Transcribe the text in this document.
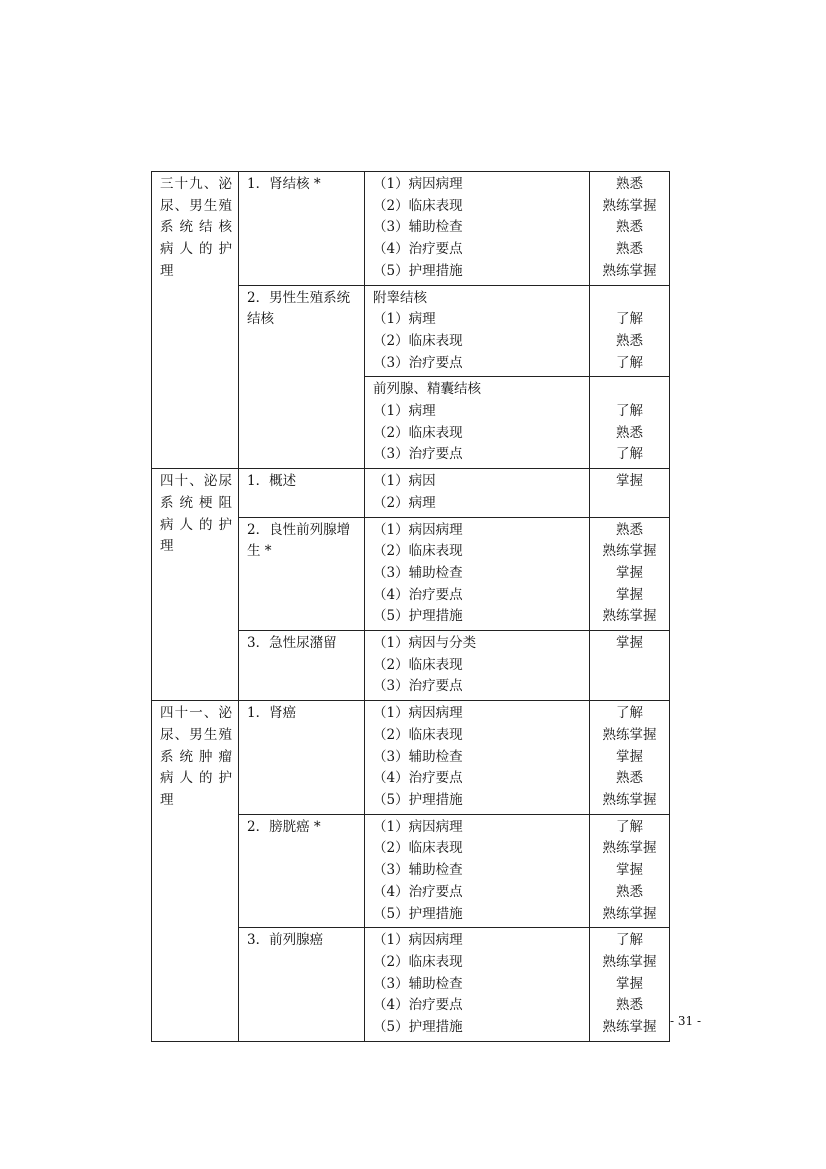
三十九、泌
尿、男生殖
系统结核
病人的护
理	1．肾结核 *	（1）病因病理
（2）临床表现
（3）辅助检查
（4）治疗要点
（5）护理措施	熟悉
熟练掌握
熟悉
熟悉
熟练掌握

	2．男性生殖系统
结核	附睾结核
（1）病理
（2）临床表现
（3）治疗要点	了解
熟悉
了解

		前列腺、精囊结核
（1）病理
（2）临床表现
（3）治疗要点	了解
熟悉
了解

四十、泌尿
系统梗阻
病人的护
理	1．概述	（1）病因
（2）病理	掌握

	2．良性前列腺增
生 *	（1）病因病理
（2）临床表现
（3）辅助检查
（4）治疗要点
（5）护理措施	熟悉
熟练掌握
掌握
掌握
熟练掌握

	3．急性尿潴留	（1）病因与分类
（2）临床表现
（3）治疗要点	掌握

四十一、泌
尿、男生殖
系统肿瘤
病人的护
理	1．肾癌	（1）病因病理
（2）临床表现
（3）辅助检查
（4）治疗要点
（5）护理措施	了解
熟练掌握
掌握
熟悉
熟练掌握

	2．膀胱癌 *	（1）病因病理
（2）临床表现
（3）辅助检查
（4）治疗要点
（5）护理措施	了解
熟练掌握
掌握
熟悉
熟练掌握

	3．前列腺癌	（1）病因病理
（2）临床表现
（3）辅助检查
（4）治疗要点
（5）护理措施	了解
熟练掌握
掌握
熟悉
熟练掌握	- 31 -
